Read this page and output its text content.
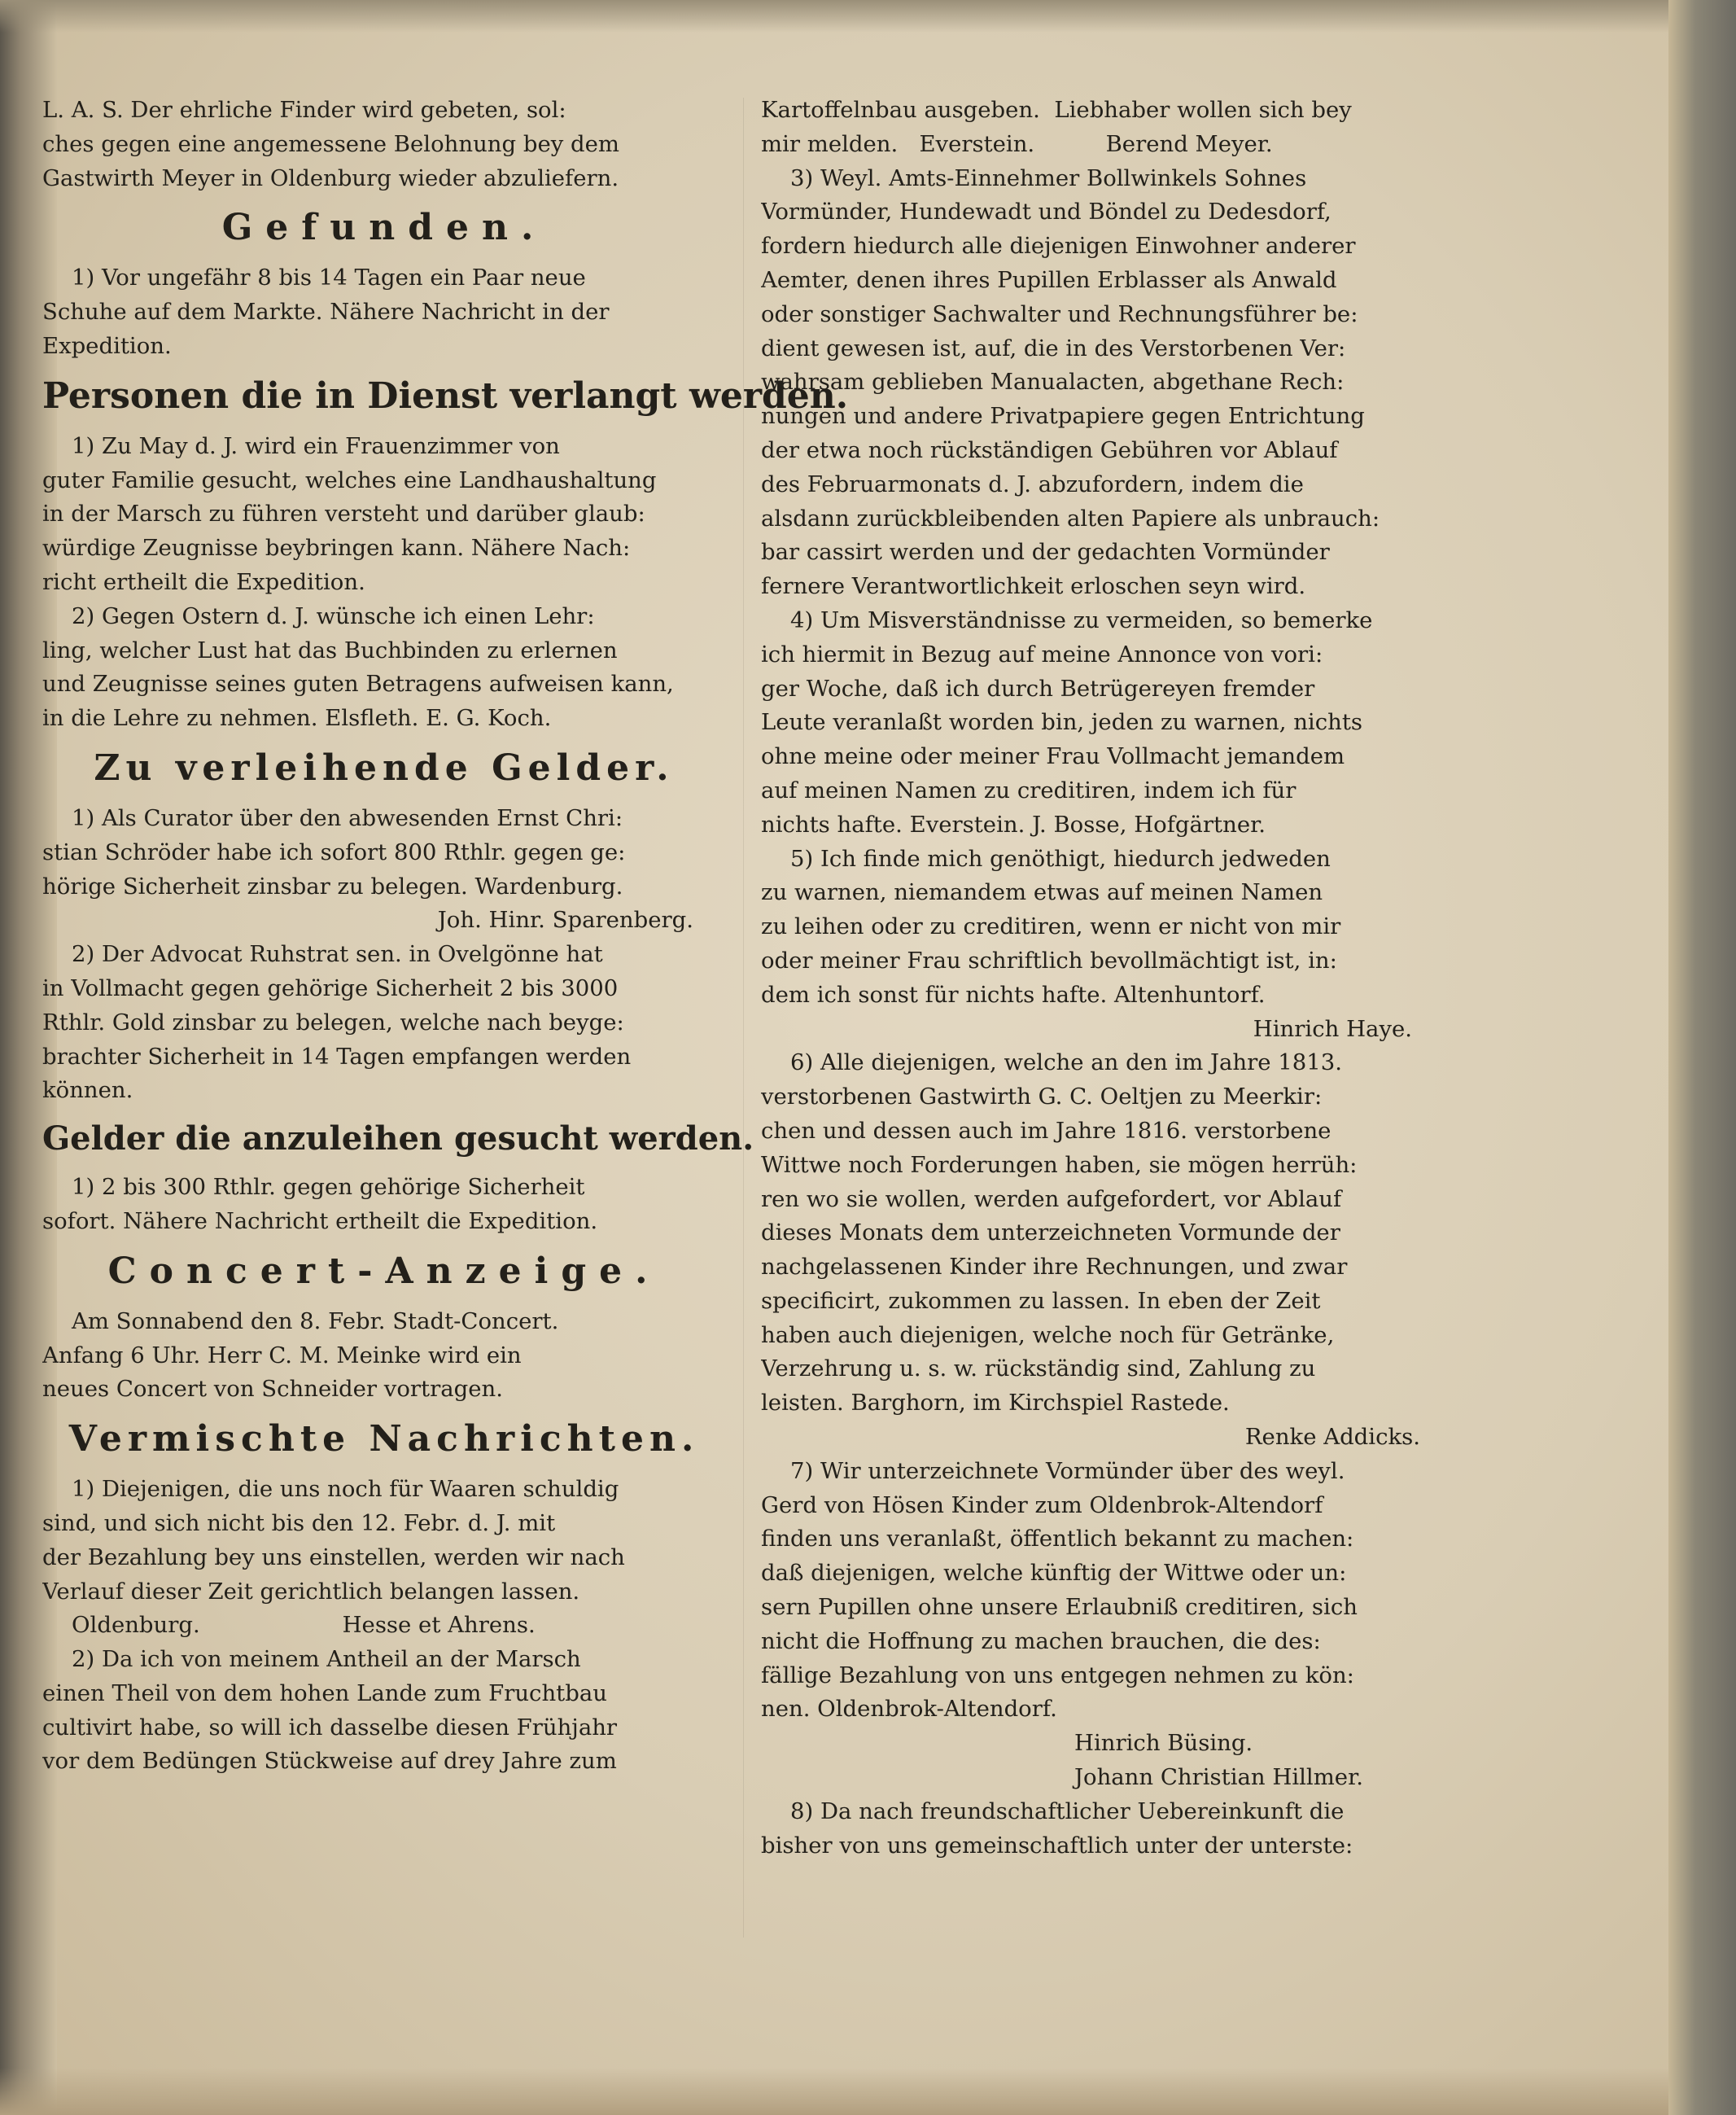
L. A. S. Der ehrliche Finder wird gebeten, sol:
ches gegen eine angemessene Belohnung bey dem
Gastwirth Meyer in Oldenburg wieder abzuliefern.
Gefunden.
1) Vor ungefähr 8 bis 14 Tagen ein Paar neue
Schuhe auf dem Markte. Nähere Nachricht in der
Expedition.
Personen die in Dienst verlangt werden.
1) Zu May d. J. wird ein Frauenzimmer von
guter Familie gesucht, welches eine Landhaushaltung
in der Marsch zu führen versteht und darüber glaub:
würdige Zeugnisse beybringen kann. Nähere Nach:
richt ertheilt die Expedition.
2) Gegen Ostern d. J. wünsche ich einen Lehr:
ling, welcher Lust hat das Buchbinden zu erlernen
und Zeugnisse seines guten Betragens aufweisen kann,
in die Lehre zu nehmen. Elsfleth. E. G. Koch.
Zu verleihende Gelder.
1) Als Curator über den abwesenden Ernst Chri:
stian Schröder habe ich sofort 800 Rthlr. gegen ge:
hörige Sicherheit zinsbar zu belegen. Wardenburg.
Joh. Hinr. Sparenberg.
2) Der Advocat Ruhstrat sen. in Ovelgönne hat
in Vollmacht gegen gehörige Sicherheit 2 bis 3000
Rthlr. Gold zinsbar zu belegen, welche nach beyge:
brachter Sicherheit in 14 Tagen empfangen werden
können.
Gelder die anzuleihen gesucht werden.
1) 2 bis 300 Rthlr. gegen gehörige Sicherheit
sofort. Nähere Nachricht ertheilt die Expedition.
Concert-Anzeige.
Am Sonnabend den 8. Febr. Stadt-Concert.
Anfang 6 Uhr. Herr C. M. Meinke wird ein
neues Concert von Schneider vortragen.
Vermischte Nachrichten.
1) Diejenigen, die uns noch für Waaren schuldig
sind, und sich nicht bis den 12. Febr. d. J. mit
der Bezahlung bey uns einstellen, werden wir nach
Verlauf dieser Zeit gerichtlich belangen lassen.
Oldenburg.                    Hesse et Ahrens.
2) Da ich von meinem Antheil an der Marsch
einen Theil von dem hohen Lande zum Fruchtbau
cultivirt habe, so will ich dasselbe diesen Frühjahr
vor dem Bedüngen Stückweise auf drey Jahre zum
Kartoffelnbau ausgeben.  Liebhaber wollen sich bey
mir melden.   Everstein.          Berend Meyer.
3) Weyl. Amts-Einnehmer Bollwinkels Sohnes
Vormünder, Hundewadt und Böndel zu Dedesdorf,
fordern hiedurch alle diejenigen Einwohner anderer
Aemter, denen ihres Pupillen Erblasser als Anwald
oder sonstiger Sachwalter und Rechnungsführer be:
dient gewesen ist, auf, die in des Verstorbenen Ver:
wahrsam geblieben Manualacten, abgethane Rech:
nungen und andere Privatpapiere gegen Entrichtung
der etwa noch rückständigen Gebühren vor Ablauf
des Februarmonats d. J. abzufordern, indem die
alsdann zurückbleibenden alten Papiere als unbrauch:
bar cassirt werden und der gedachten Vormünder
fernere Verantwortlichkeit erloschen seyn wird.
4) Um Misverständnisse zu vermeiden, so bemerke
ich hiermit in Bezug auf meine Annonce von vori:
ger Woche, daß ich durch Betrügereyen fremder
Leute veranlaßt worden bin, jeden zu warnen, nichts
ohne meine oder meiner Frau Vollmacht jemandem
auf meinen Namen zu creditiren, indem ich für
nichts hafte. Everstein. J. Bosse, Hofgärtner.
5) Ich finde mich genöthigt, hiedurch jedweden
zu warnen, niemandem etwas auf meinen Namen
zu leihen oder zu creditiren, wenn er nicht von mir
oder meiner Frau schriftlich bevollmächtigt ist, in:
dem ich sonst für nichts hafte. Altenhuntorf.
Hinrich Haye.
6) Alle diejenigen, welche an den im Jahre 1813.
verstorbenen Gastwirth G. C. Oeltjen zu Meerkir:
chen und dessen auch im Jahre 1816. verstorbene
Wittwe noch Forderungen haben, sie mögen herrüh:
ren wo sie wollen, werden aufgefordert, vor Ablauf
dieses Monats dem unterzeichneten Vormunde der
nachgelassenen Kinder ihre Rechnungen, und zwar
specificirt, zukommen zu lassen. In eben der Zeit
haben auch diejenigen, welche noch für Getränke,
Verzehrung u. s. w. rückständig sind, Zahlung zu
leisten. Barghorn, im Kirchspiel Rastede.
Renke Addicks.
7) Wir unterzeichnete Vormünder über des weyl.
Gerd von Hösen Kinder zum Oldenbrok-Altendorf
finden uns veranlaßt, öffentlich bekannt zu machen:
daß diejenigen, welche künftig der Wittwe oder un:
sern Pupillen ohne unsere Erlaubniß creditiren, sich
nicht die Hoffnung zu machen brauchen, die des:
fällige Bezahlung von uns entgegen nehmen zu kön:
nen. Oldenbrok-Altendorf.
Hinrich Büsing.
Johann Christian Hillmer.
8) Da nach freundschaftlicher Uebereinkunft die
bisher von uns gemeinschaftlich unter der unterste:
